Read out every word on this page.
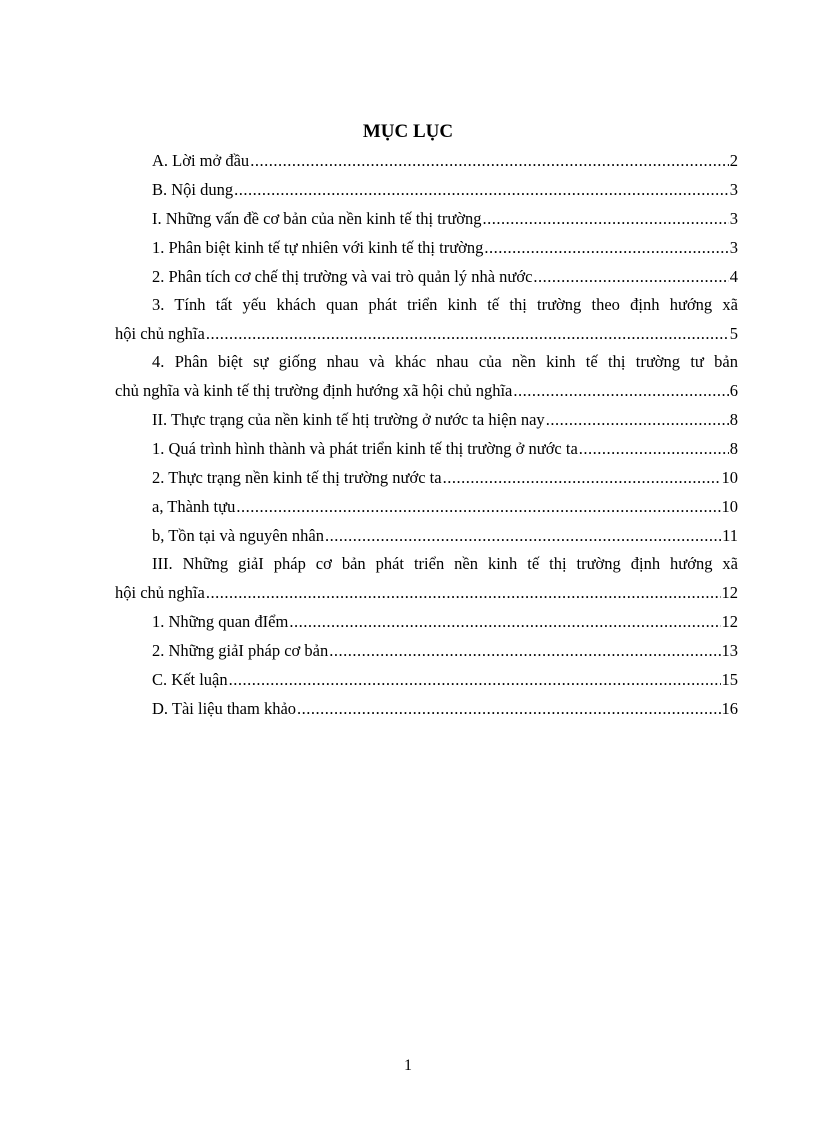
MỤC LỤC
A. Lời mở đầu .....	2
B. Nội dung .....	3
I. Những vấn đề cơ bản của nền kinh tế thị trường .....	3
1. Phân biệt kinh tế tự nhiên với kinh tế thị trường .....	3
2. Phân tích cơ chế thị trường và vai trò quản lý nhà nước .....	4
3. Tính tất yếu khách quan phát triển kinh tế thị trường theo định hướng xã
hội chủ nghĩa .....	5
4. Phân biệt sự giống nhau và khác nhau của nền kinh tế thị trường tư bản
chủ nghĩa và kinh tế thị trường định hướng xã hội chủ nghĩa .....	6
II. Thực trạng của nền kinh tế htị trường ở nước ta hiện nay .....	8
1. Quá trình hình thành và phát triển kinh tế thị trường ở nước ta .....	8
2. Thực trạng nền kinh tế thị trường nước ta .....	10
a, Thành tựu .....	10
b, Tồn tại và nguyên nhân .....	11
III. Những giảI pháp cơ bản phát triển nền kinh tế thị trường định hướng xã
hội chủ nghĩa .....	12
1. Những quan đIểm .....	12
2. Những giảI pháp cơ bản .....	13
C. Kết luận .....	15
D. Tài liệu tham khảo .....	16
1
